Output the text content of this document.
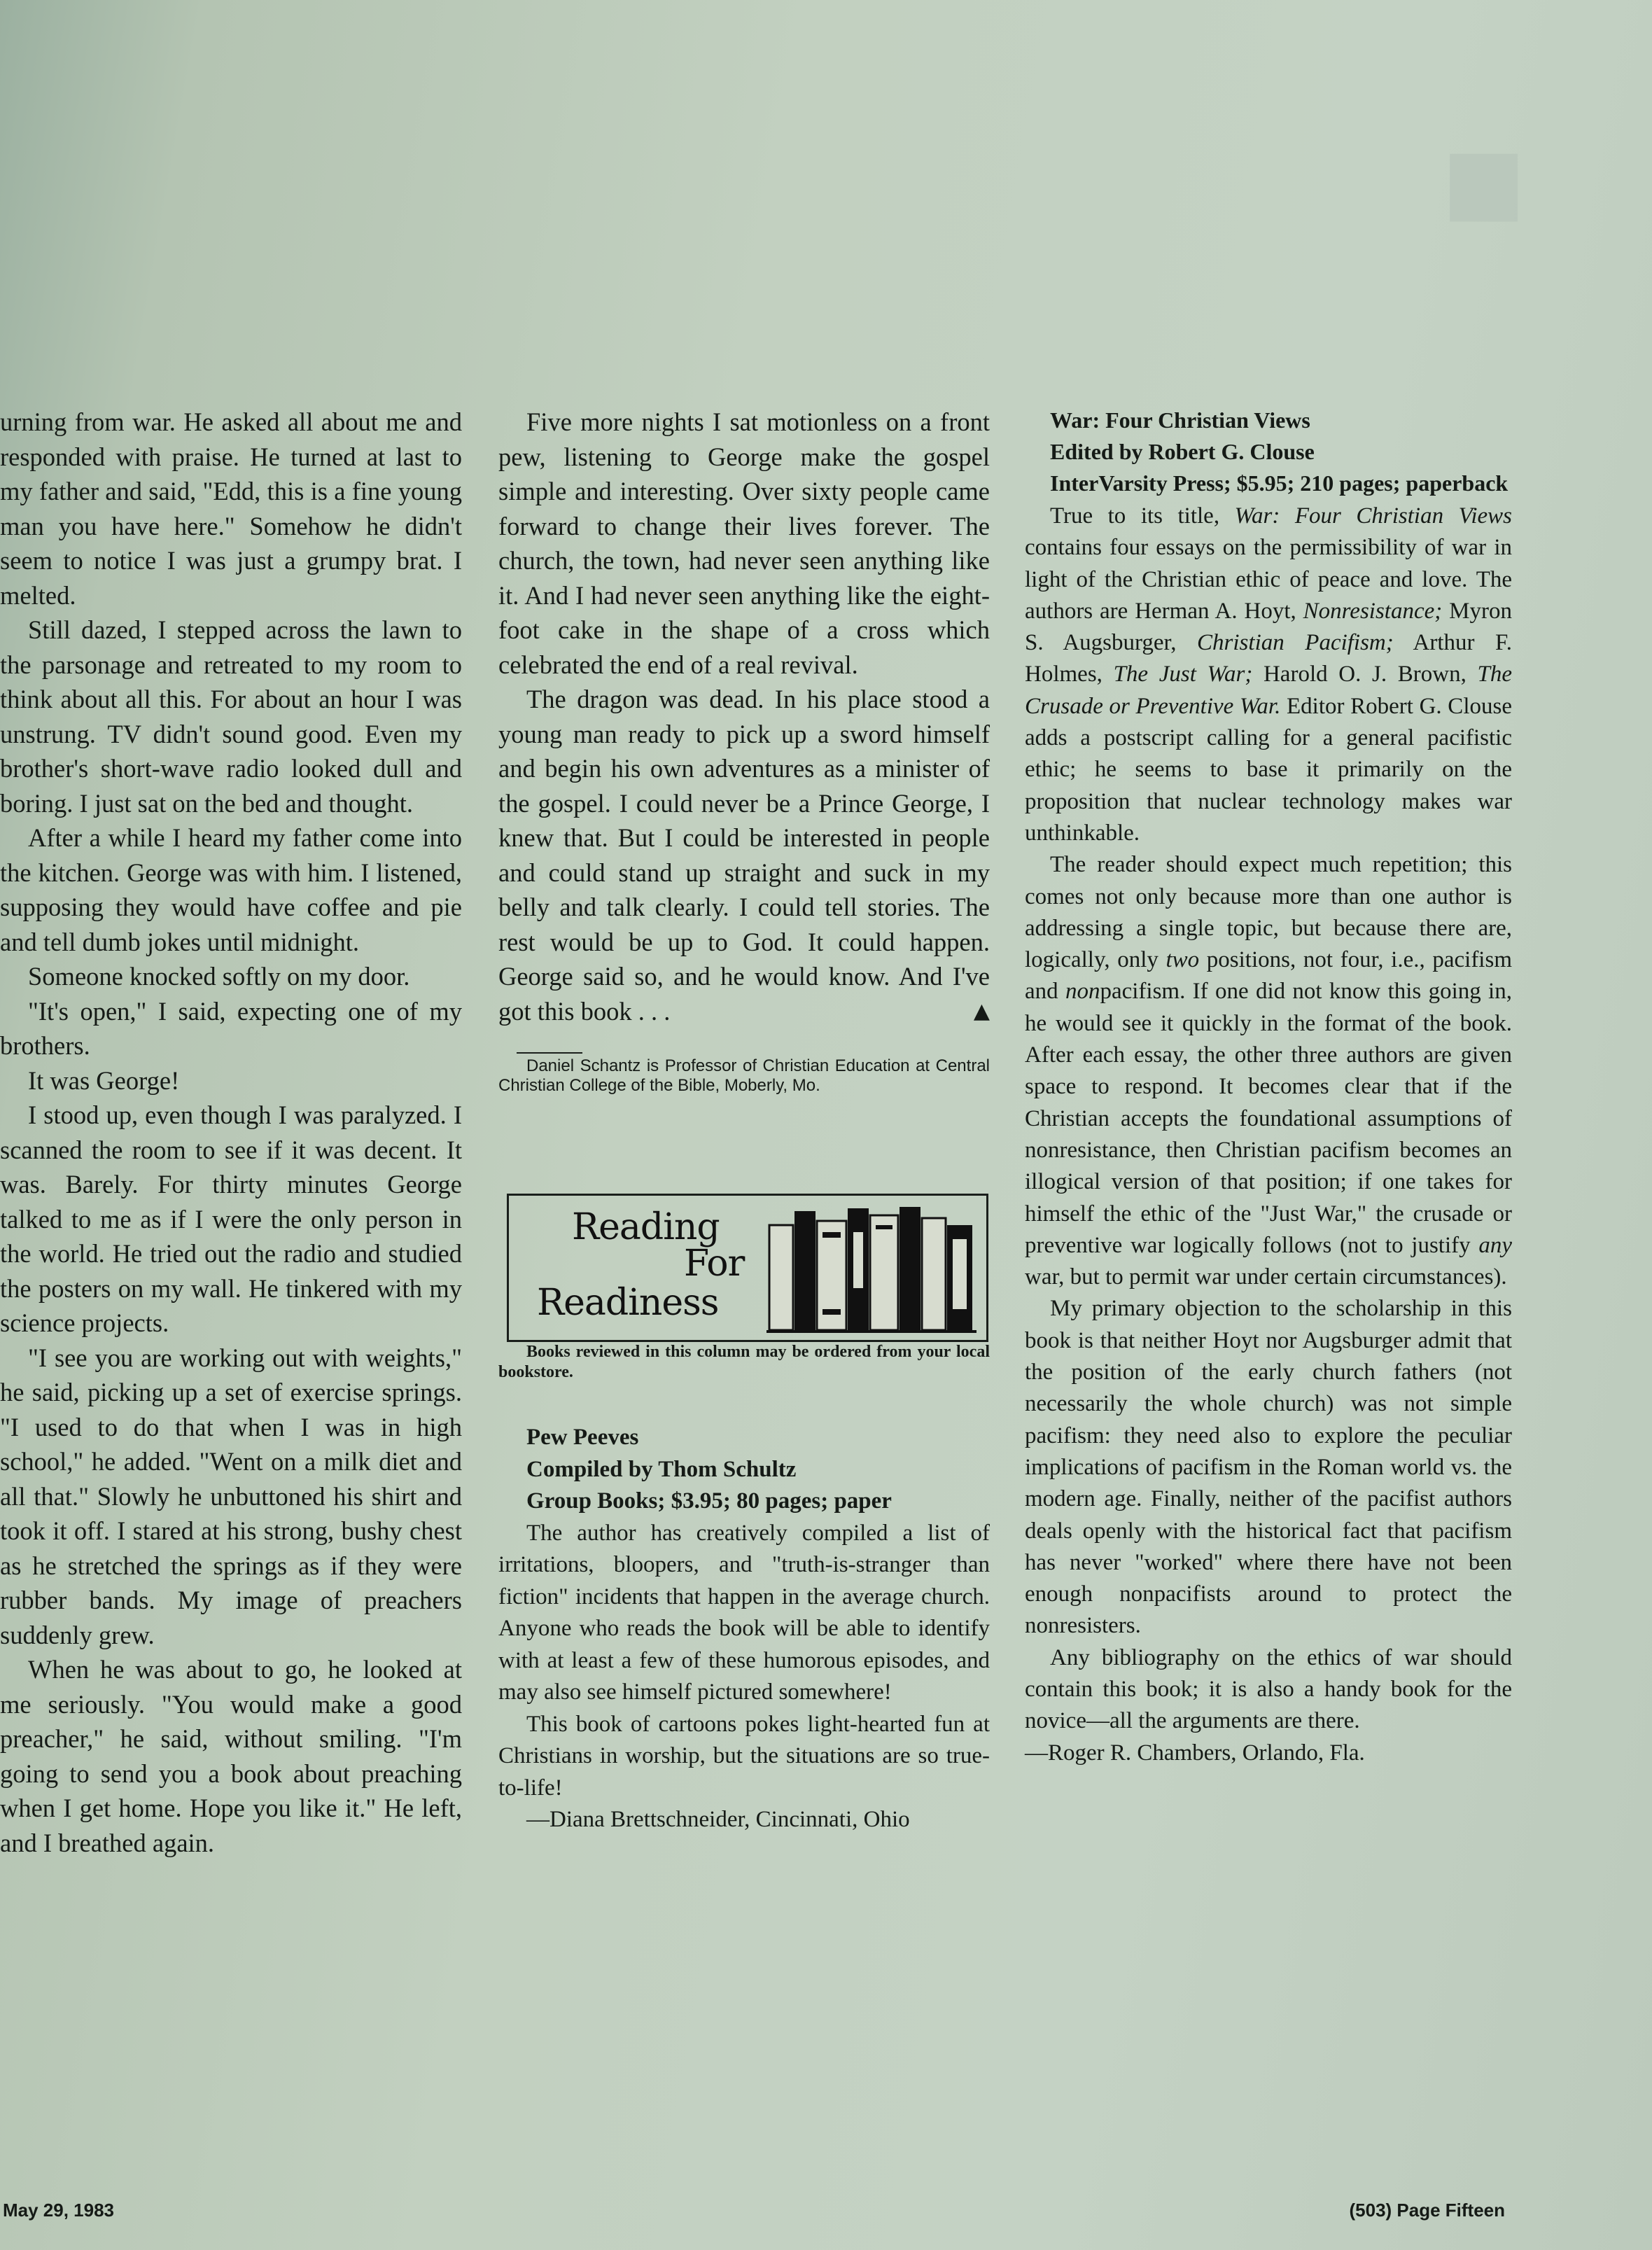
■

urning from war. He asked all about me and responded with praise. He turned at last to my father and said, "Edd, this is a fine young man you have here." Somehow he didn't seem to notice I was just a grumpy brat. I melted.

Still dazed, I stepped across the lawn to the parsonage and retreated to my room to think about all this. For about an hour I was unstrung. TV didn't sound good. Even my brother's short-wave radio looked dull and boring. I just sat on the bed and thought.

After a while I heard my father come into the kitchen. George was with him. I listened, supposing they would have coffee and pie and tell dumb jokes until midnight.

Someone knocked softly on my door.

"It's open," I said, expecting one of my brothers.

It was George!

I stood up, even though I was paralyzed. I scanned the room to see if it was decent. It was. Barely. For thirty minutes George talked to me as if I were the only person in the world. He tried out the radio and studied the posters on my wall. He tinkered with my science projects.

"I see you are working out with weights," he said, picking up a set of exercise springs. "I used to do that when I was in high school," he added. "Went on a milk diet and all that." Slowly he unbuttoned his shirt and took it off. I stared at his strong, bushy chest as he stretched the springs as if they were rubber bands. My image of preachers suddenly grew.

When he was about to go, he looked at me seriously. "You would make a good preacher," he said, without smiling. "I'm going to send you a book about preaching when I get home. Hope you like it." He left, and I breathed again.

Five more nights I sat motionless on a front pew, listening to George make the gospel simple and interesting. Over sixty people came forward to change their lives forever. The church, the town, had never seen anything like it. And I had never seen anything like the eight-foot cake in the shape of a cross which celebrated the end of a real revival.

The dragon was dead. In his place stood a young man ready to pick up a sword himself and begin his own adventures as a minister of the gospel. I could never be a Prince George, I knew that. But I could be interested in people and could stand up straight and suck in my belly and talk clearly. I could tell stories. The rest would be up to God. It could happen. George said so, and he would know. And I've got this book . . .	▲

Daniel Schantz is Professor of Christian Education at Central Christian College of the Bible, Moberly, Mo.

Reading
For
Readiness

Books reviewed in this column may be ordered from your local bookstore.

Pew Peeves

Compiled by Thom Schultz

Group Books; $3.95; 80 pages; paper

The author has creatively compiled a list of irritations, bloopers, and "truth-is-stranger than fiction" incidents that happen in the average church. Anyone who reads the book will be able to identify with at least a few of these humorous episodes, and may also see himself pictured somewhere!

This book of cartoons pokes light-hearted fun at Christians in worship, but the situations are so true-to-life!

—Diana Brettschneider, Cincinnati, Ohio

War: Four Christian Views

Edited by Robert G. Clouse

InterVarsity Press; $5.95; 210 pages; paperback

True to its title, War: Four Christian Views contains four essays on the permissibility of war in light of the Christian ethic of peace and love. The authors are Herman A. Hoyt, Nonresistance; Myron S. Augsburger, Christian Pacifism; Arthur F. Holmes, The Just War; Harold O. J. Brown, The Crusade or Preventive War. Editor Robert G. Clouse adds a postscript calling for a general pacifistic ethic; he seems to base it primarily on the proposition that nuclear technology makes war unthinkable.

The reader should expect much repetition; this comes not only because more than one author is addressing a single topic, but because there are, logically, only two positions, not four, i.e., pacifism and nonpacifism. If one did not know this going in, he would see it quickly in the format of the book. After each essay, the other three authors are given space to respond. It becomes clear that if the Christian accepts the foundational assumptions of nonresistance, then Christian pacifism becomes an illogical version of that position; if one takes for himself the ethic of the "Just War," the crusade or preventive war logically follows (not to justify any war, but to permit war under certain circumstances).

My primary objection to the scholarship in this book is that neither Hoyt nor Augsburger admit that the position of the early church fathers (not necessarily the whole church) was not simple pacifism: they need also to explore the peculiar implications of pacifism in the Roman world vs. the modern age. Finally, neither of the pacifist authors deals openly with the historical fact that pacifism has never "worked" where there have not been enough nonpacifists around to protect the nonresisters.

Any bibliography on the ethics of war should contain this book; it is also a handy book for the novice—all the arguments are there.

—Roger R. Chambers, Orlando, Fla.

May 29, 1983	(503) Page Fifteen
